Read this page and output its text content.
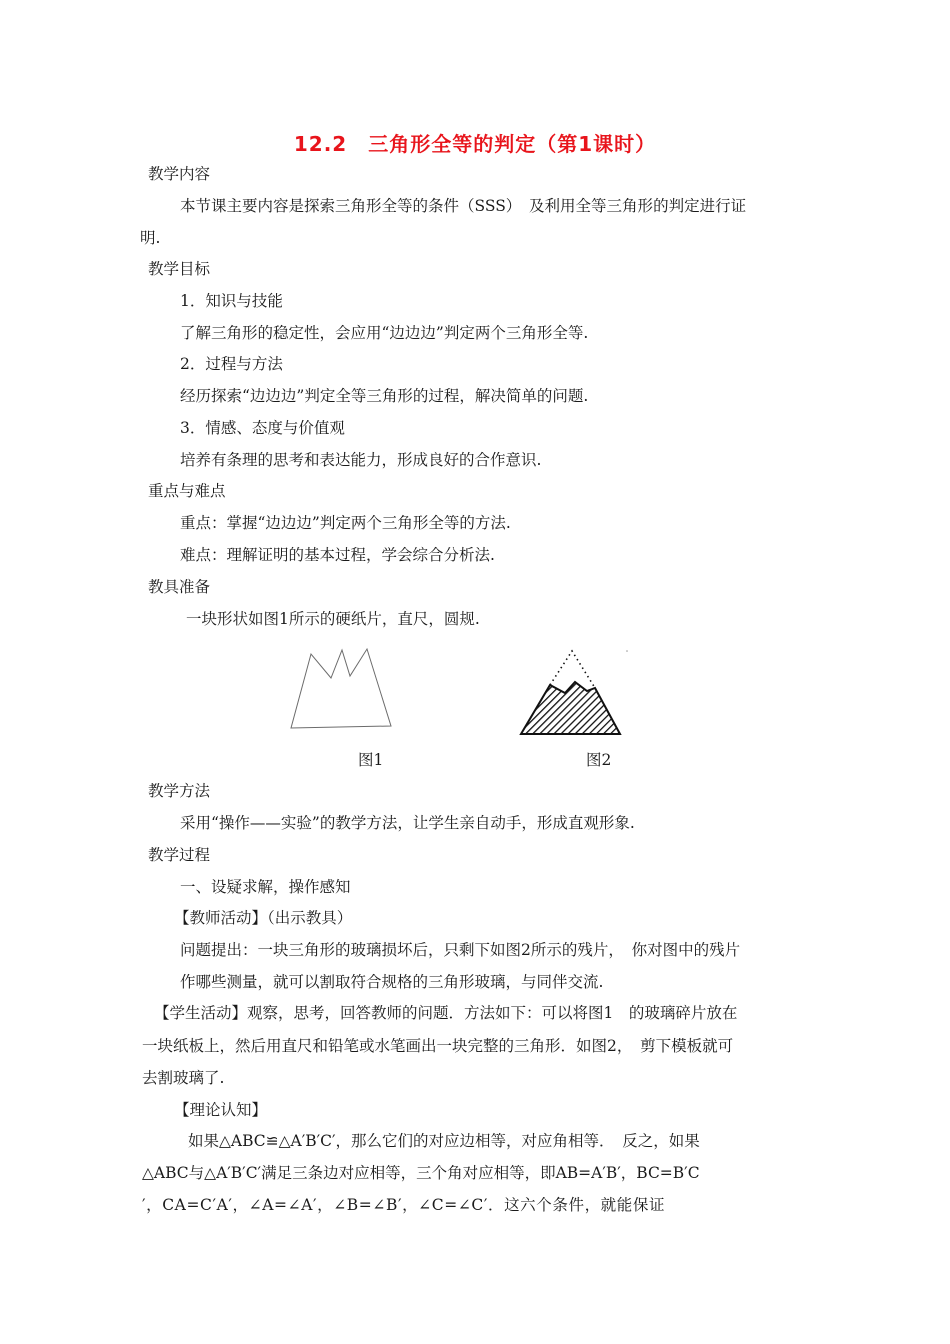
12.2　三角形全等的判定（第1课时）
教学内容
本节课主要内容是探索三角形全等的条件（SSS）　及利用全等三角形的判定进行证
明.
教学目标
1．知识与技能
了解三角形的稳定性，会应用“边边边”判定两个三角形全等.
2．过程与方法
经历探索“边边边”判定全等三角形的过程，解决简单的问题.
3．情感、态度与价值观
培养有条理的思考和表达能力，形成良好的合作意识.
重点与难点
重点：掌握“边边边”判定两个三角形全等的方法.
难点：理解证明的基本过程，学会综合分析法.
教具准备
一块形状如图1所示的硬纸片，直尺，圆规.
图1	图2
教学方法
采用“操作——实验”的教学方法，让学生亲自动手，形成直观形象.
教学过程
一、设疑求解，操作感知
【教师活动】（出示教具）
问题提出：一块三角形的玻璃损坏后，只剩下如图2所示的残片，　你对图中的残片
作哪些测量，就可以割取符合规格的三角形玻璃，与同伴交流.
【学生活动】观察，思考，回答教师的问题．方法如下：可以将图1　的玻璃碎片放在
一块纸板上，然后用直尺和铅笔或水笔画出一块完整的三角形．如图2，　剪下模板就可
去割玻璃了.
【理论认知】
如果△ABC≌△A′B′C′，那么它们的对应边相等，对应角相等．　反之，如果
△ABC与△A′B′C′满足三条边对应相等，三个角对应相等，即AB=A′B′，BC=B′C
′，CA=C′A′，∠A=∠A′，∠B=∠B′，∠C=∠C′．这六个条件，就能保证
